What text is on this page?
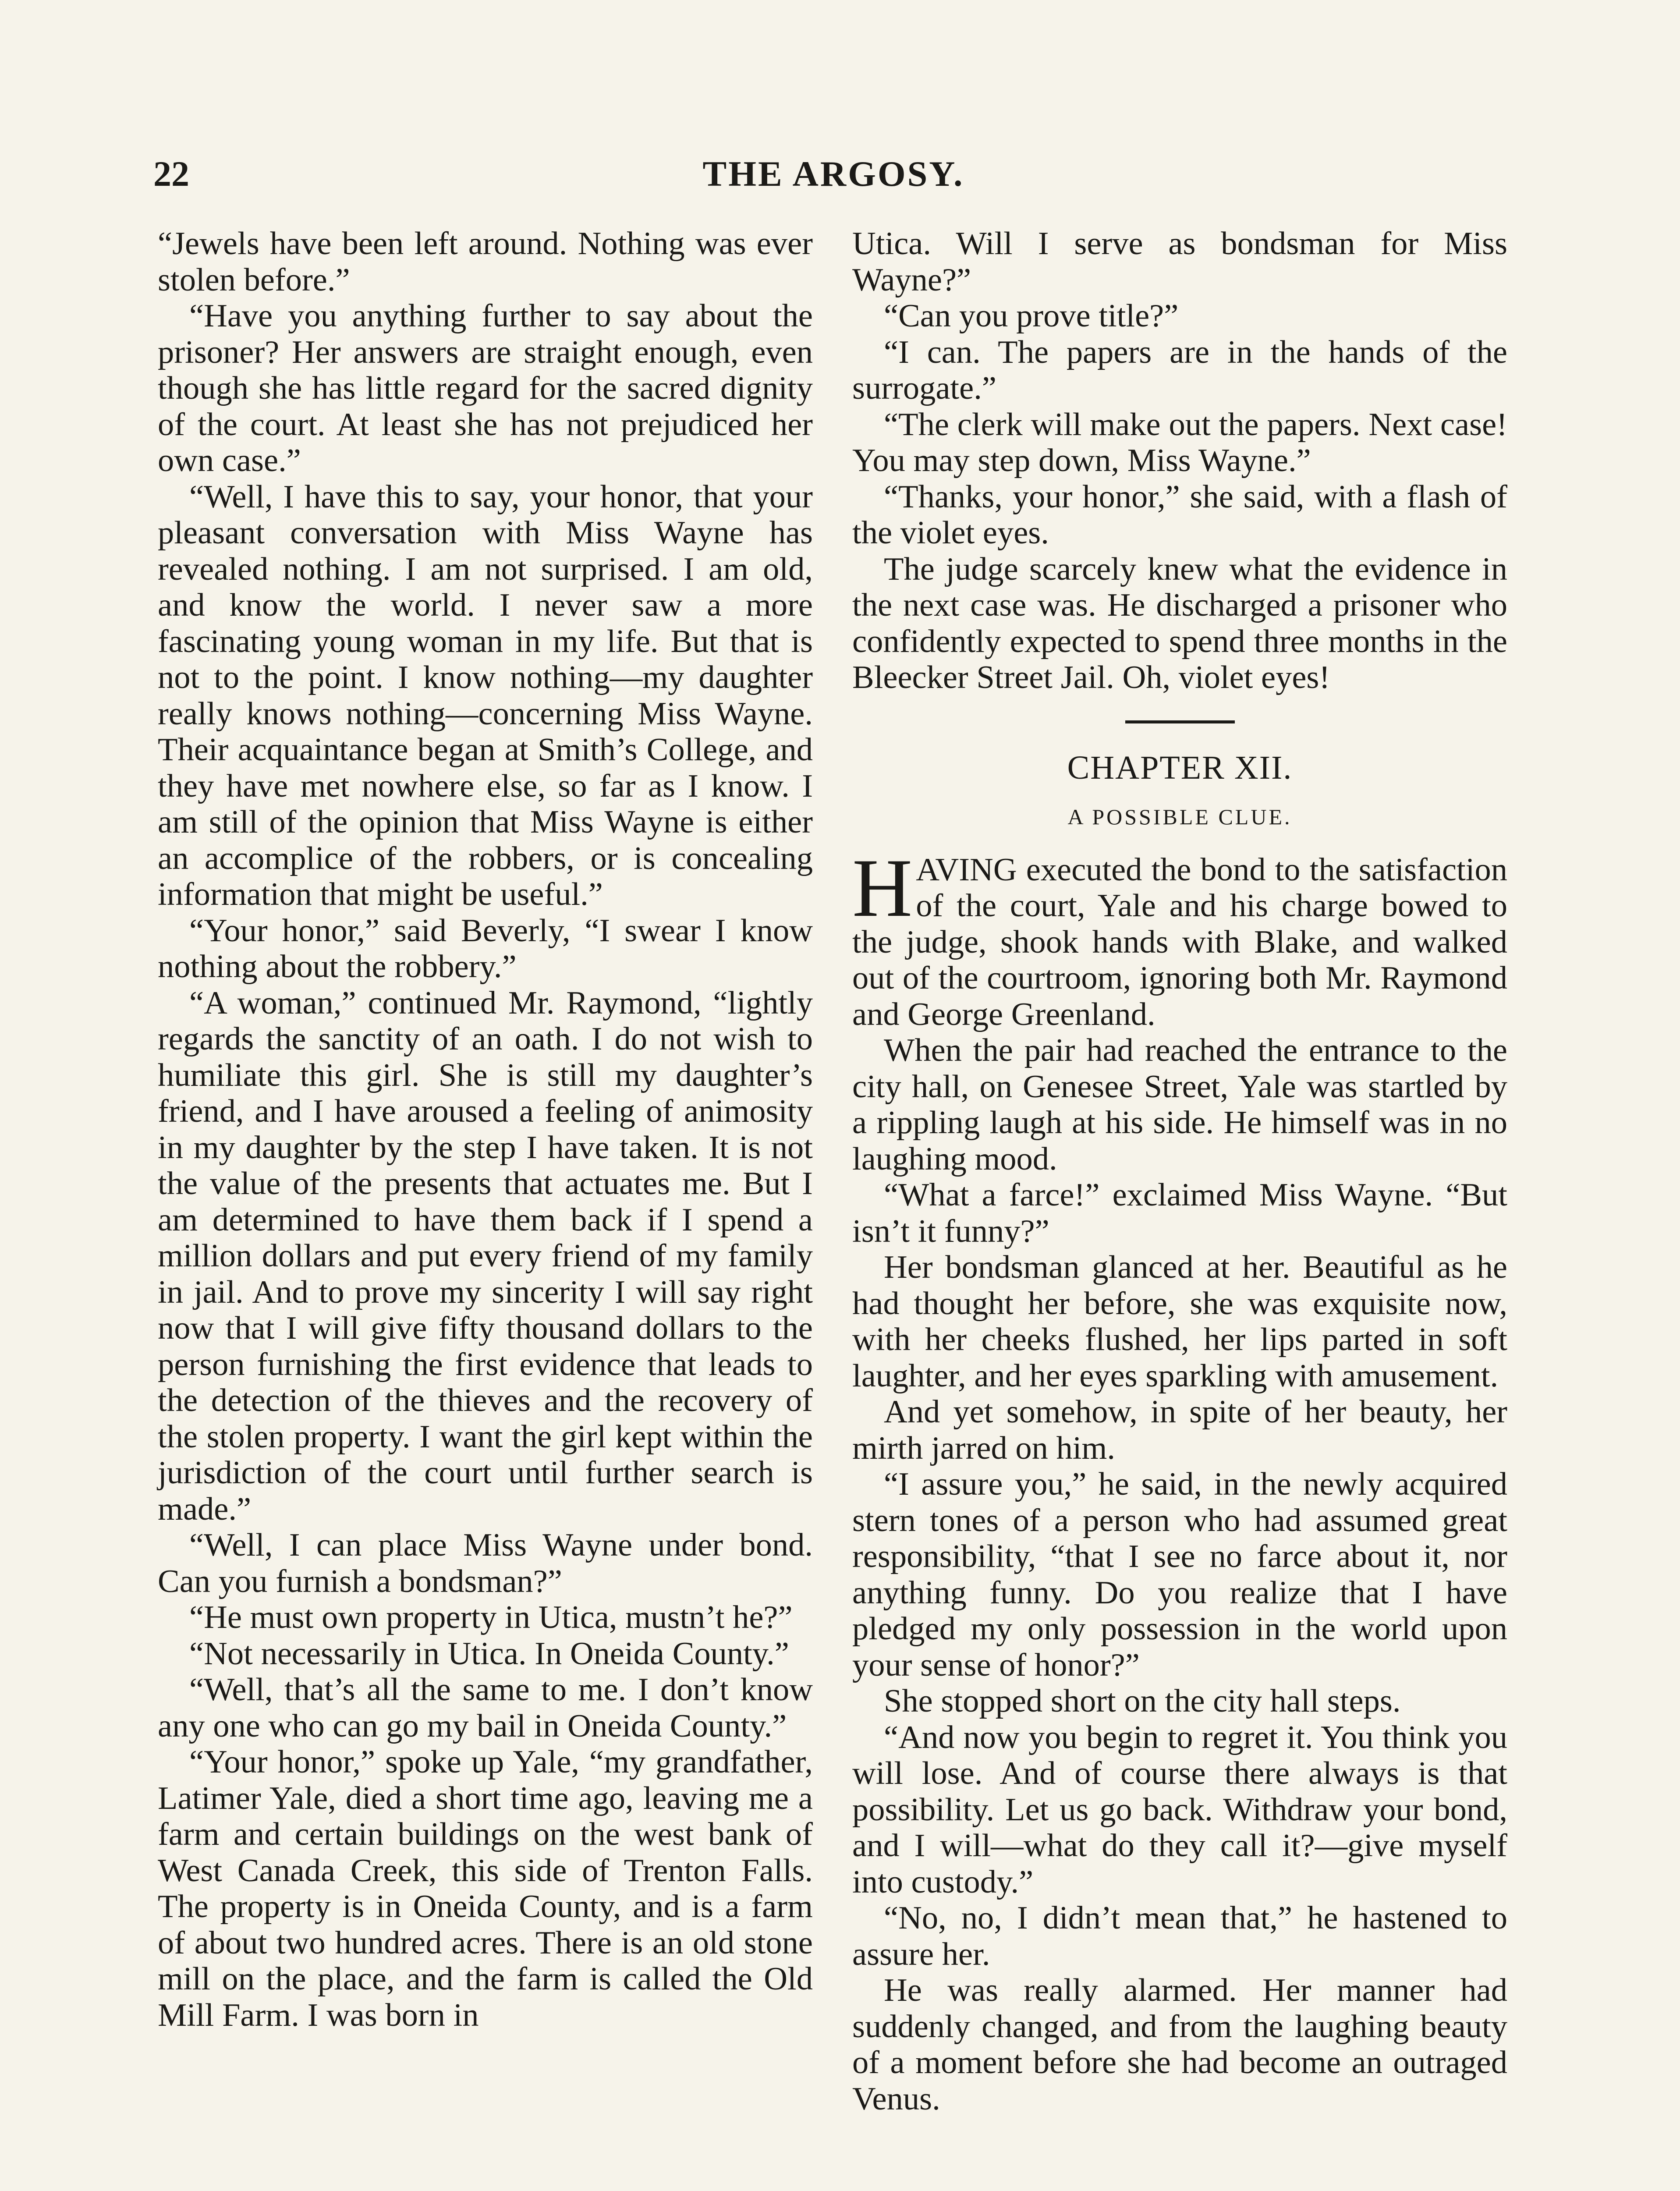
22	THE ARGOSY.

“Jewels have been left around. Nothing was ever stolen before.”

“Have you anything further to say about the prisoner? Her answers are straight enough, even though she has little regard for the sacred dignity of the court. At least she has not prejudiced her own case.”

“Well, I have this to say, your honor, that your pleasant conversation with Miss Wayne has revealed nothing. I am not surprised. I am old, and know the world. I never saw a more fascinating young woman in my life. But that is not to the point. I know nothing—my daughter really knows nothing—concerning Miss Wayne. Their acquaintance began at Smith’s College, and they have met nowhere else, so far as I know. I am still of the opinion that Miss Wayne is either an accomplice of the robbers, or is concealing information that might be useful.”

“Your honor,” said Beverly, “I swear I know nothing about the robbery.”

“A woman,” continued Mr. Raymond, “lightly regards the sanctity of an oath. I do not wish to humiliate this girl. She is still my daughter’s friend, and I have aroused a feeling of animosity in my daughter by the step I have taken. It is not the value of the presents that actuates me. But I am determined to have them back if I spend a million dollars and put every friend of my family in jail. And to prove my sincerity I will say right now that I will give fifty thousand dollars to the person furnishing the first evidence that leads to the detection of the thieves and the recovery of the stolen property. I want the girl kept within the jurisdiction of the court until further search is made.”

“Well, I can place Miss Wayne under bond. Can you furnish a bondsman?”

“He must own property in Utica, mustn’t he?”

“Not necessarily in Utica. In Oneida County.”

“Well, that’s all the same to me. I don’t know any one who can go my bail in Oneida County.”

“Your honor,” spoke up Yale, “my grandfather, Latimer Yale, died a short time ago, leaving me a farm and certain buildings on the west bank of West Canada Creek, this side of Trenton Falls. The property is in Oneida County, and is a farm of about two hundred acres. There is an old stone mill on the place, and the farm is called the Old Mill Farm. I was born in

Utica. Will I serve as bondsman for Miss Wayne?”

“Can you prove title?”

“I can. The papers are in the hands of the surrogate.”

“The clerk will make out the papers. Next case! You may step down, Miss Wayne.”

“Thanks, your honor,” she said, with a flash of the violet eyes.

The judge scarcely knew what the evidence in the next case was. He discharged a prisoner who confidently expected to spend three months in the Bleecker Street Jail. Oh, violet eyes!

CHAPTER XII.
A POSSIBLE CLUE.

HAVING executed the bond to the satisfaction of the court, Yale and his charge bowed to the judge, shook hands with Blake, and walked out of the courtroom, ignoring both Mr. Raymond and George Greenland.

When the pair had reached the entrance to the city hall, on Genesee Street, Yale was startled by a rippling laugh at his side. He himself was in no laughing mood.

“What a farce!” exclaimed Miss Wayne. “But isn’t it funny?”

Her bondsman glanced at her. Beautiful as he had thought her before, she was exquisite now, with her cheeks flushed, her lips parted in soft laughter, and her eyes sparkling with amusement.

And yet somehow, in spite of her beauty, her mirth jarred on him.

“I assure you,” he said, in the newly acquired stern tones of a person who had assumed great responsibility, “that I see no farce about it, nor anything funny. Do you realize that I have pledged my only possession in the world upon your sense of honor?”

She stopped short on the city hall steps.

“And now you begin to regret it. You think you will lose. And of course there always is that possibility. Let us go back. Withdraw your bond, and I will—what do they call it?—give myself into custody.”

“No, no, I didn’t mean that,” he hastened to assure her.

He was really alarmed. Her manner had suddenly changed, and from the laughing beauty of a moment before she had become an outraged Venus.
